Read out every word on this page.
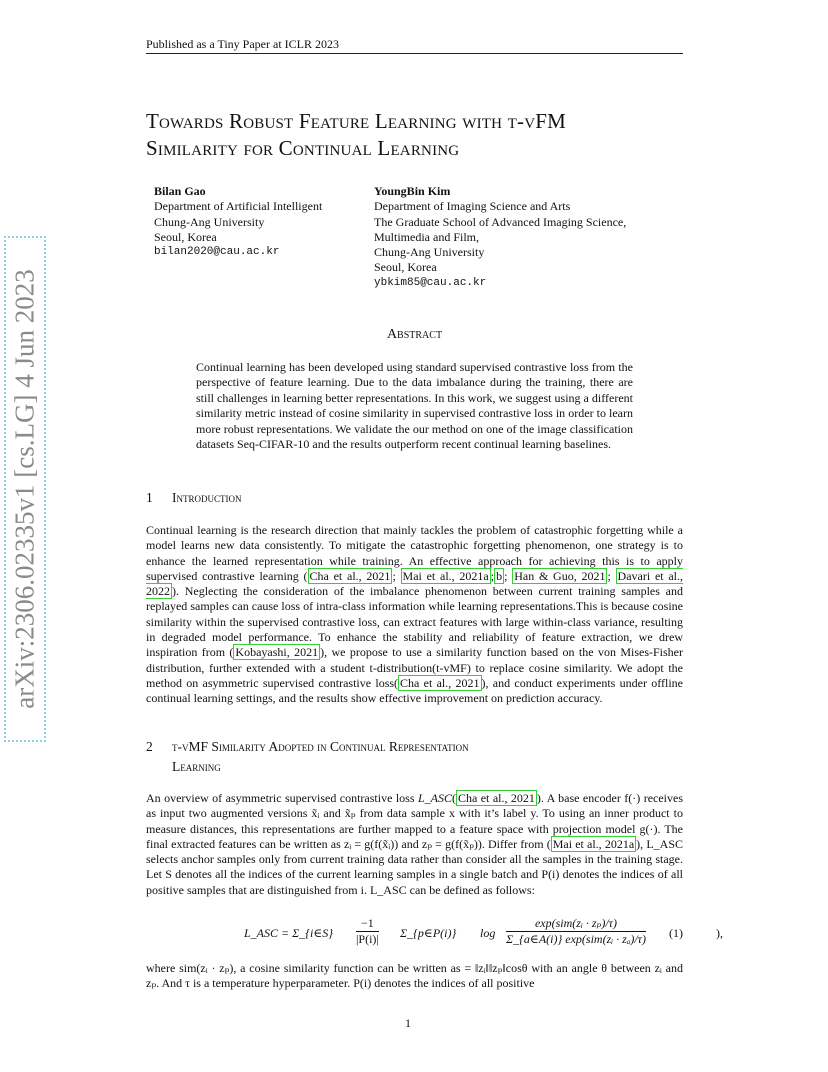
Published as a Tiny Paper at ICLR 2023
arXiv:2306.02335v1 [cs.LG] 4 Jun 2023
Towards Robust Feature Learning with t-vFM
Similarity for Continual Learning
Bilan Gao
Department of Artificial Intelligent
Chung-Ang University
Seoul, Korea
bilan2020@cau.ac.kr
YoungBin Kim
Department of Imaging Science and Arts
The Graduate School of Advanced Imaging Science,
Multimedia and Film,
Chung-Ang University
Seoul, Korea
ybkim85@cau.ac.kr
Abstract
Continual learning has been developed using standard supervised contrastive loss from the perspective of feature learning. Due to the data imbalance during the training, there are still challenges in learning better representations. In this work, we suggest using a different similarity metric instead of cosine similarity in supervised contrastive loss in order to learn more robust representations. We validate the our method on one of the image classification datasets Seq-CIFAR-10 and the results outperform recent continual learning baselines.
1 Introduction
Continual learning is the research direction that mainly tackles the problem of catastrophic forgetting while a model learns new data consistently. To mitigate the catastrophic forgetting phenomenon, one strategy is to enhance the learned representation while training. An effective approach for achieving this is to apply supervised contrastive learning ( Cha et al., 2021 ; Mai et al., 2021a ; b ; Han & Guo, 2021 ; Davari et al., 2022 ). Neglecting the consideration of the imbalance phenomenon between current training samples and replayed samples can cause loss of intra-class information while learning representations.This is because cosine similarity within the supervised contrastive loss, can extract features with large within-class variance, resulting in degraded model performance. To enhance the stability and reliability of feature extraction, we drew inspiration from ( Kobayashi, 2021 ), we propose to use a similarity function based on the von Mises-Fisher distribution, further extended with a student t-distribution(t-vMF) to replace cosine similarity. We adopt the method on asymmetric supervised contrastive loss( Cha et al., 2021 ), and conduct experiments under offline continual learning settings, and the results show effective improvement on prediction accuracy.
2 t-vMF Similarity Adopted in Continual Representation
Learning
An overview of asymmetric supervised contrastive loss L_ASC( Cha et al., 2021 ). A base encoder f(·) receives as input two augmented versions x̃ᵢ and x̃ₚ from data sample x with it’s label y. To using an inner product to measure distances, this representations are further mapped to a feature space with projection model g(·). The final extracted features can be written as zᵢ = g(f(x̃ᵢ)) and zₚ = g(f(x̃ₚ)). Differ from ( Mai et al., 2021a ), L_ASC selects anchor samples only from current training data rather than consider all the samples in the training stage. Let S denotes all the indices of the current learning samples in a single batch and P(i) denotes the indices of all positive samples that are distinguished from i. L_ASC can be defined as follows:
L_ASC = Σ_{i∈S} $\frac{-1}{|P(i)|}$ Σ_{p∈P(i)} log
exp(sim(zᵢ · zₚ)/τ)
Σ_{a∈A(i)} exp(sim(zᵢ · zₐ)/τ)	),
(1)
where sim(zᵢ · zₚ), a cosine similarity function can be written as = ‖zᵢ‖‖zₚ‖cosθ with an angle θ between zᵢ and zₚ. And τ is a temperature hyperparameter. P(i) denotes the indices of all positive
1
